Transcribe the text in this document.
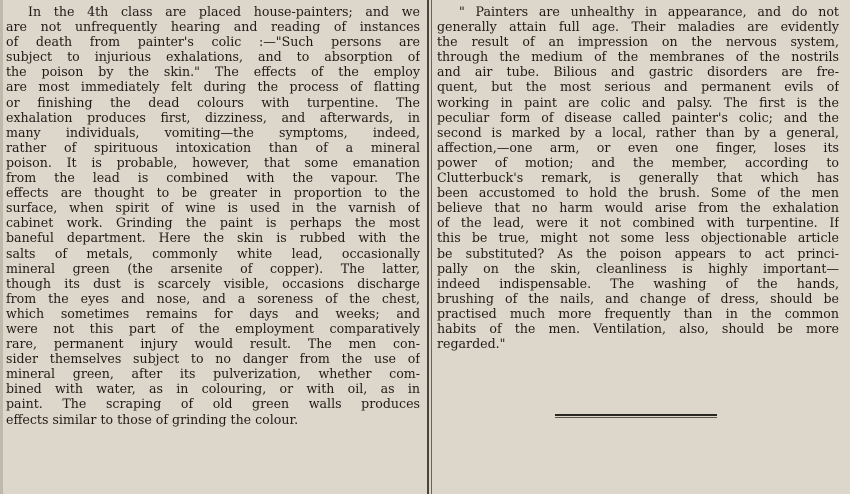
In the 4th class are placed house-painters; and we
are not unfrequently hearing and reading of instances
of death from painter's colic :—"Such persons are
subject to injurious exhalations, and to absorption of
the poison by the skin." The effects of the employ
are most immediately felt during the process of flatting
or finishing the dead colours with turpentine. The
exhalation produces first, dizziness, and afterwards, in
many individuals, vomiting—the symptoms, indeed,
rather of spirituous intoxication than of a mineral
poison. It is probable, however, that some emanation
from the lead is combined with the vapour. The
effects are thought to be greater in proportion to the
surface, when spirit of wine is used in the varnish of
cabinet work. Grinding the paint is perhaps the most
baneful department. Here the skin is rubbed with the
salts of metals, commonly white lead, occasionally
mineral green (the arsenite of copper). The latter,
though its dust is scarcely visible, occasions discharge
from the eyes and nose, and a soreness of the chest,
which sometimes remains for days and weeks; and
were not this part of the employment comparatively
rare, permanent injury would result. The men con-
sider themselves subject to no danger from the use of
mineral green, after its pulverization, whether com-
bined with water, as in colouring, or with oil, as in
paint. The scraping of old green walls produces
effects similar to those of grinding the colour.
" Painters are unhealthy in appearance, and do not
generally attain full age. Their maladies are evidently
the result of an impression on the nervous system,
through the medium of the membranes of the nostrils
and air tube. Bilious and gastric disorders are fre-
quent, but the most serious and permanent evils of
working in paint are colic and palsy. The first is the
peculiar form of disease called painter's colic; and the
second is marked by a local, rather than by a general,
affection,—one arm, or even one finger, loses its
power of motion; and the member, according to
Clutterbuck's remark, is generally that which has
been accustomed to hold the brush. Some of the men
believe that no harm would arise from the exhalation
of the lead, were it not combined with turpentine. If
this be true, might not some less objectionable article
be substituted? As the poison appears to act princi-
pally on the skin, cleanliness is highly important—
indeed indispensable. The washing of the hands,
brushing of the nails, and change of dress, should be
practised much more frequently than in the common
habits of the men. Ventilation, also, should be more
regarded."
